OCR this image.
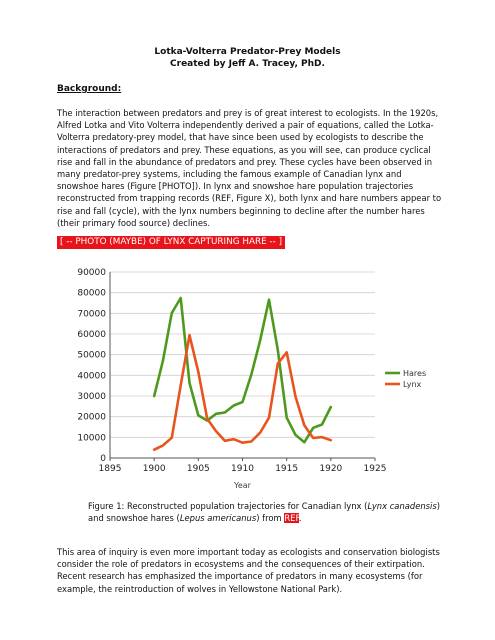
Lotka-Volterra Predator-Prey Models
Created by Jeff A. Tracey, PhD.
Background:

The interaction between predators and prey is of great interest to ecologists. In the 1920s, Alfred Lotka and Vito Volterra independently derived a pair of equations, called the Lotka-Volterra predatory-prey model, that have since been used by ecologists to describe the interactions of predators and prey. These equations, as you will see, can produce cyclical rise and fall in the abundance of predators and prey. These cycles have been observed in many predator-prey systems, including the famous example of Canadian lynx and snowshoe hares (Figure [PHOTO]). In lynx and snowshoe hare population trajectories reconstructed from trapping records (REF, Figure X), both lynx and hare numbers appear to rise and fall (cycle), with the lynx numbers beginning to decline after the number hares (their primary food source) declines.

[ -- PHOTO (MAYBE) OF LYNX CAPTURING HARE -- ]
0
10000
20000
30000
40000
50000
60000
70000
80000
90000
1895 1900 1905 1910 1915 1920 1925
Year
Hares
Lynx

Figure 1: Reconstructed population trajectories for Canadian lynx (Lynx canadensis) and snowshoe hares (Lepus americanus) from REF.

This area of inquiry is even more important today as ecologists and conservation biologists consider the role of predators in ecosystems and the consequences of their extirpation. Recent research has emphasized the importance of predators in many ecosystems (for example, the reintroduction of wolves in Yellowstone National Park).
